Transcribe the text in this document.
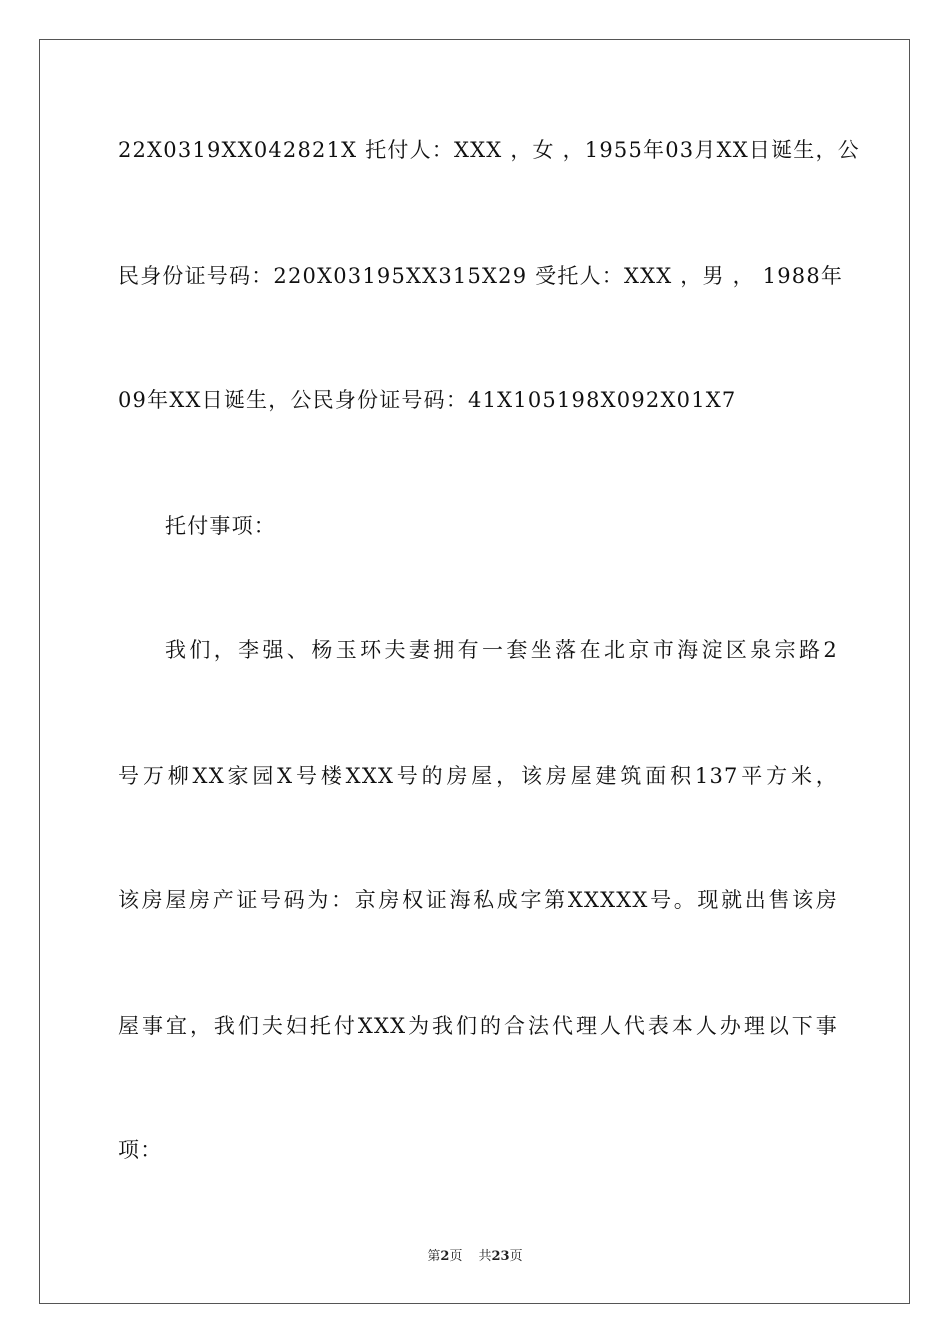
22X0319XX042821X 托付人：XXX ，女 ，1955年03月XX日诞生，公
民身份证号码：220X03195XX315X29 受托人：XXX ，男 ， 1988年
09年XX日诞生，公民身份证号码：41X105198X092X01X7
托付事项：
我们，李强、杨玉环夫妻拥有一套坐落在北京市海淀区泉宗路2
号万柳XX家园X号楼XXX号的房屋，该房屋建筑面积137平方米，
该房屋房产证号码为：京房权证海私成字第XXXXX号。现就出售该房
屋事宜，我们夫妇托付XXX为我们的合法代理人代表本人办理以下事
项：
第2页 共23页
